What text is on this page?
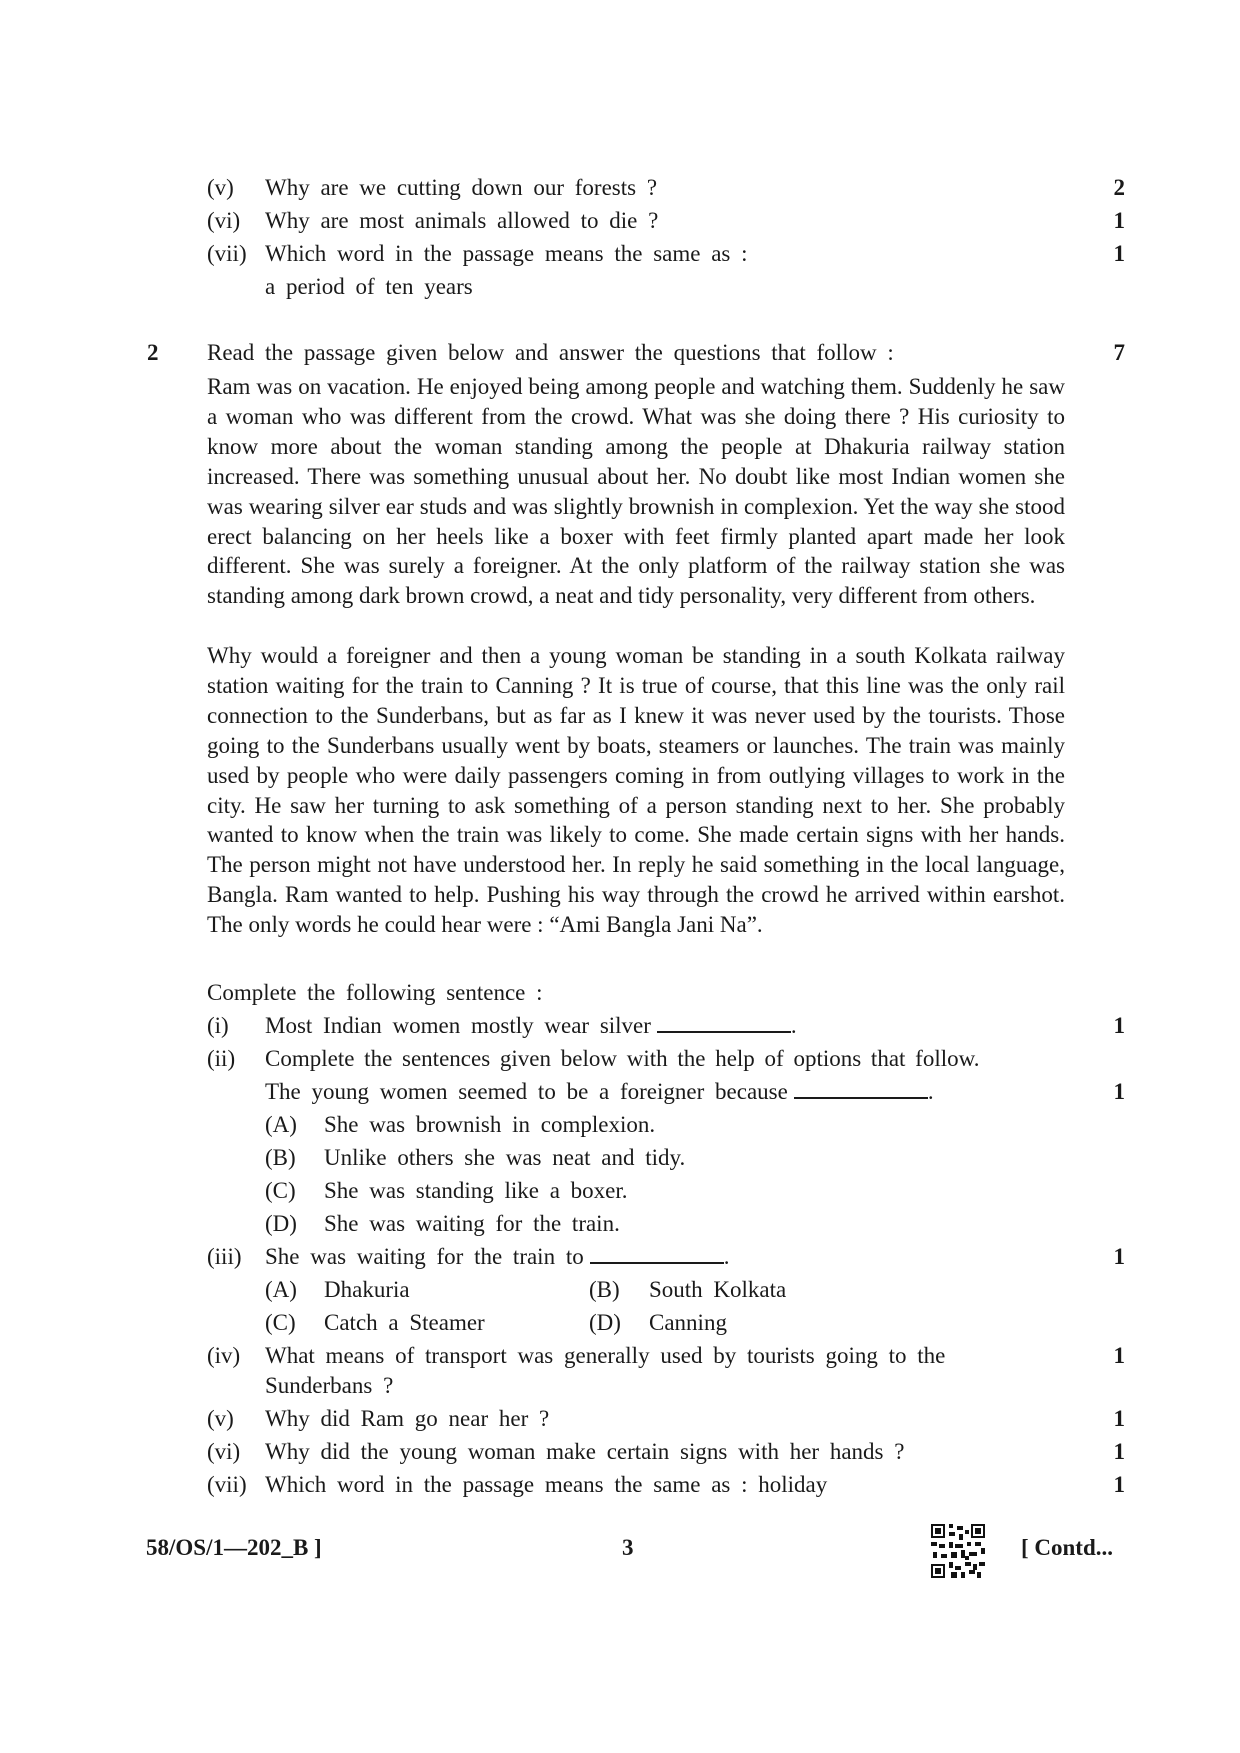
(v) Why are we cutting down our forests ?	2
(vi) Why are most animals allowed to die ?	1
(vii) Which word in the passage means the same as :	1
a period of ten years
2 Read the passage given below and answer the questions that follow :	7
Ram was on vacation. He enjoyed being among people and watching them. Suddenly he saw a woman who was different from the crowd. What was she doing there ? His curiosity to know more about the woman standing among the people at Dhakuria railway station increased. There was something unusual about her. No doubt like most Indian women she was wearing silver ear studs and was slightly brownish in complexion. Yet the way she stood erect balancing on her heels like a boxer with feet firmly planted apart made her look different. She was surely a foreigner. At the only platform of the railway station she was standing among dark brown crowd, a neat and tidy personality, very different from others.
Why would a foreigner and then a young woman be standing in a south Kolkata railway station waiting for the train to Canning ? It is true of course, that this line was the only rail connection to the Sunderbans, but as far as I knew it was never used by the tourists. Those going to the Sunderbans usually went by boats, steamers or launches. The train was mainly used by people who were daily passengers coming in from outlying villages to work in the city. He saw her turning to ask something of a person standing next to her. She probably wanted to know when the train was likely to come. She made certain signs with her hands. The person might not have understood her. In reply he said something in the local language, Bangla. Ram wanted to help. Pushing his way through the crowd he arrived within earshot. The only words he could hear were : “Ami Bangla Jani Na”.
Complete the following sentence :
(i) Most Indian women mostly wear silver	.	1
(ii) Complete the sentences given below with the help of options that follow.
The young women seemed to be a foreigner because	.	1
(A) She was brownish in complexion.
(B) Unlike others she was neat and tidy.
(C) She was standing like a boxer.
(D) She was waiting for the train.
(iii) She was waiting for the train to	.	1
(A) Dhakuria	(B) South Kolkata
(C) Catch a Steamer	(D) Canning
(iv) What means of transport was generally used by tourists going to the	1
Sunderbans ?
(v) Why did Ram go near her ?	1
(vi) Why did the young woman make certain signs with her hands ?	1
(vii) Which word in the passage means the same as : holiday	1
58/OS/1—202_B ]	3	[ Contd...
